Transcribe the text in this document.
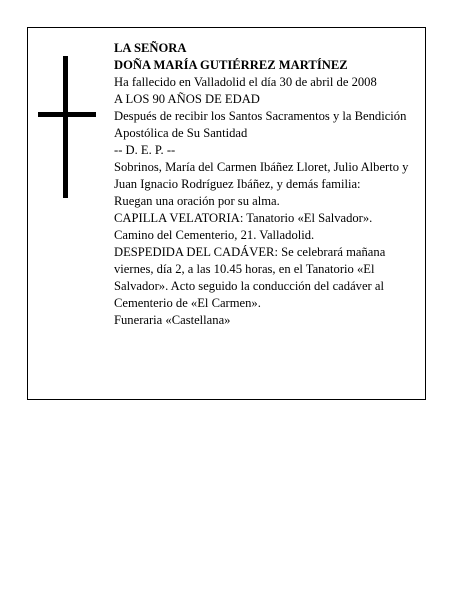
LA SEÑORA

DOÑA MARÍA GUTIÉRREZ MARTÍNEZ

Ha fallecido en Valladolid el día 30 de abril de 2008

A LOS 90 AÑOS DE EDAD

Después de recibir los Santos Sacramentos y la Bendición Apostólica de Su Santidad

-- D. E. P. --

Sobrinos, María del Carmen Ibáñez Lloret, Julio Alberto y Juan Ignacio Rodríguez Ibáñez, y demás familia:

Ruegan una oración por su alma.

CAPILLA VELATORIA: Tanatorio «El Salvador». Camino del Cementerio, 21. Valladolid.

DESPEDIDA DEL CADÁVER: Se celebrará mañana viernes, día 2, a las 10.45 horas, en el Tanatorio «El Salvador». Acto seguido la conducción del cadáver al Cementerio de «El Carmen».

Funeraria «Castellana»
